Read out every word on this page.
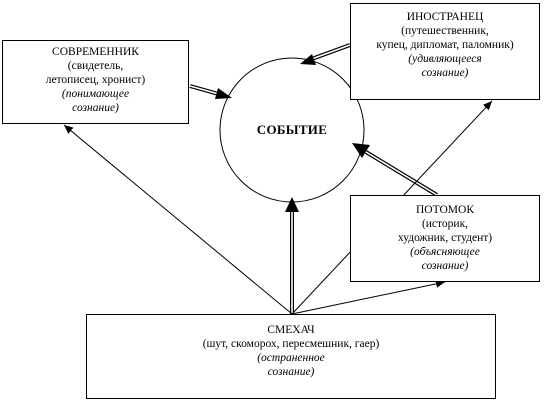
СОБЫТИЕ
СОВРЕМЕННИК
(свидетель,
летописец, хронист)
(понимающее
сознание)
ИНОСТРАНЕЦ
(путешественник,
купец, дипломат, паломник)
(удивляющееся
сознание)
ПОТОМОК
(историк,
художник, студент)
(объясняющее
сознание)
СМЕХАЧ
(шут, скоморох, пересмешник, гаер)
(остраненное
сознание)
